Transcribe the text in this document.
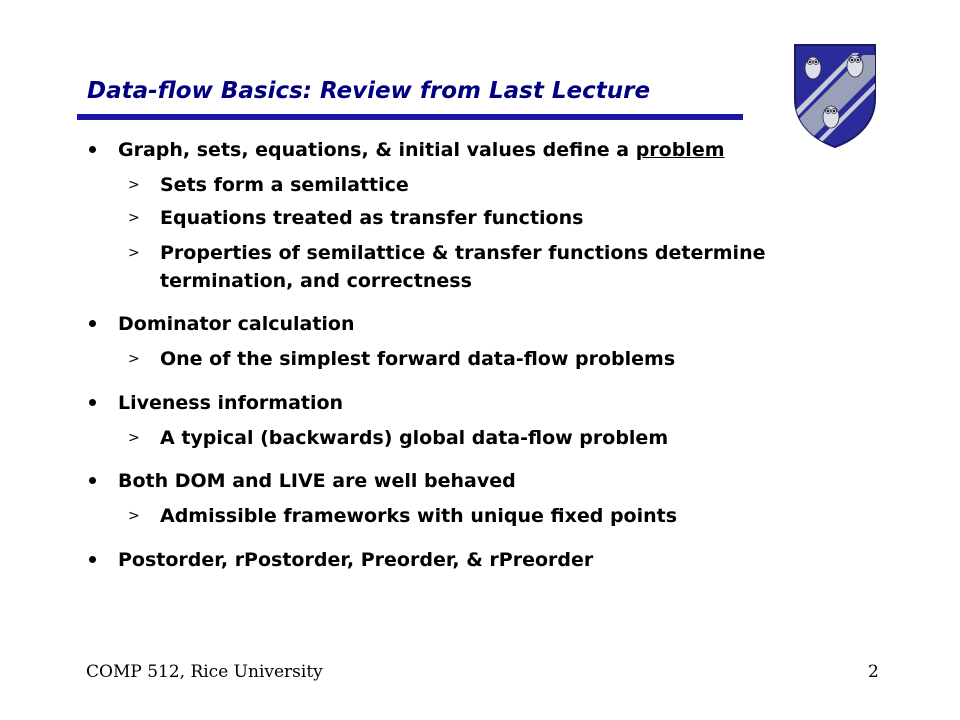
Data-flow Basics: Review from Last Lecture
Graph, sets, equations, & initial values define a problem
> Sets form a semilattice
> Equations treated as transfer functions
> Properties of semilattice & transfer functions determine
termination, and correctness
Dominator calculation
> One of the simplest forward data-flow problems
Liveness information
> A typical (backwards) global data-flow problem
Both DOM and LIVE are well behaved
> Admissible frameworks with unique fixed points
Postorder, rPostorder, Preorder, & rPreorder
COMP 512, Rice University	2
